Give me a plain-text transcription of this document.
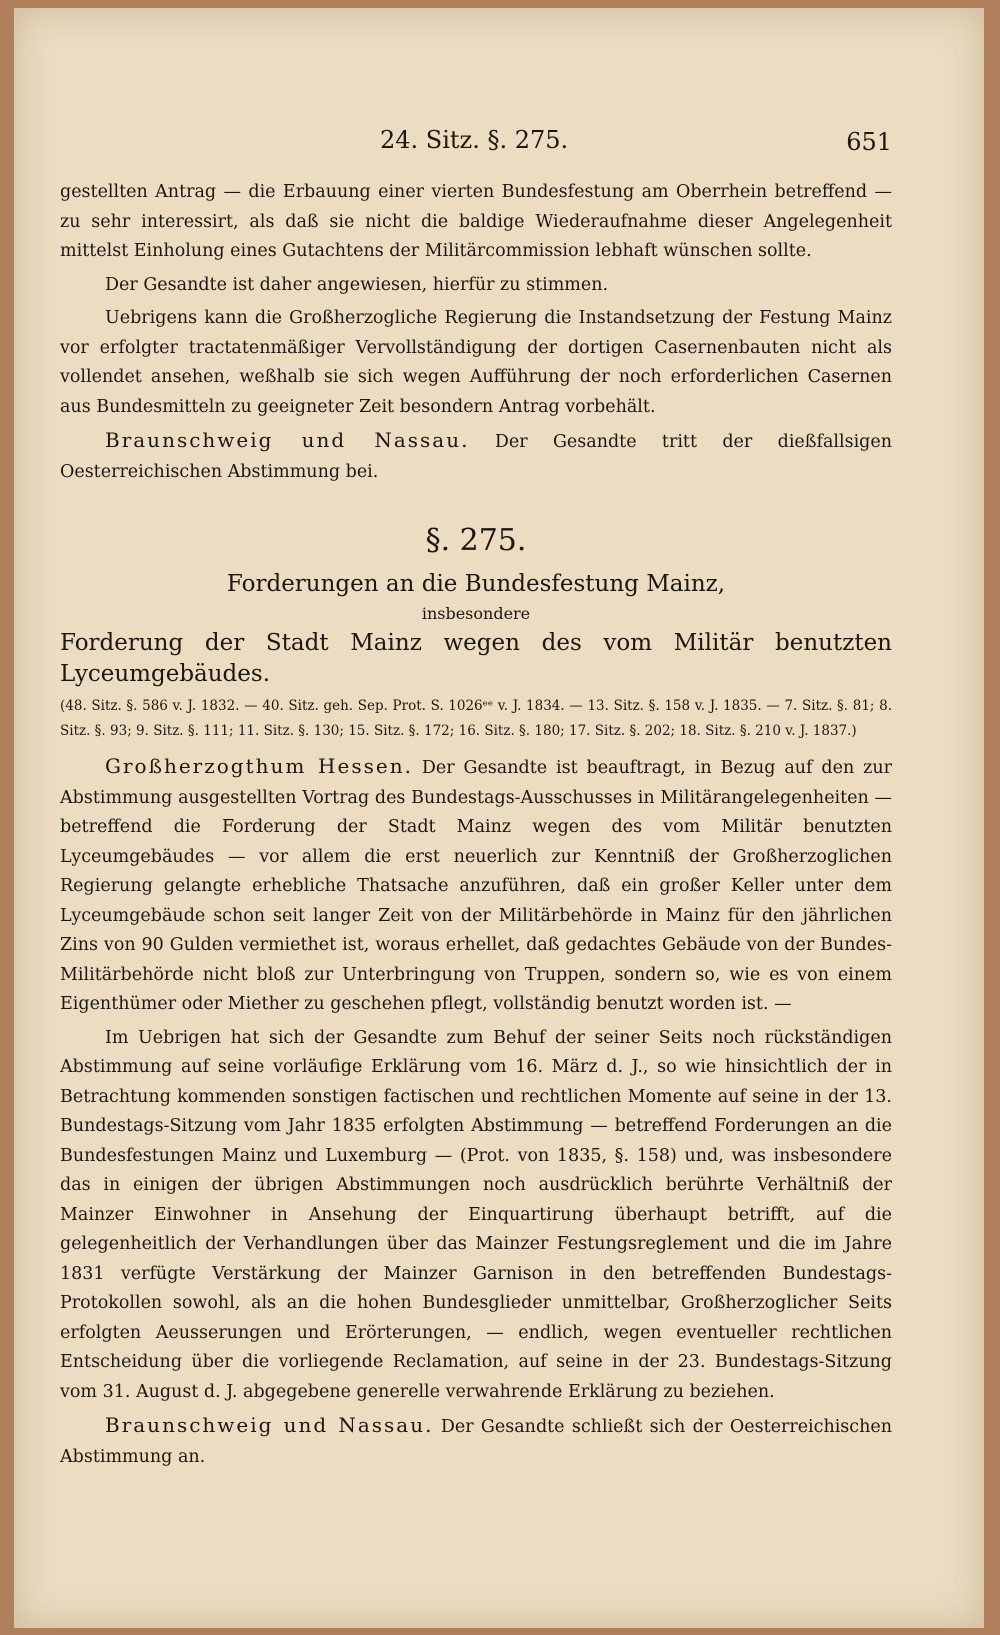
24. Sitz. §. 275.	651

gestellten Antrag — die Erbauung einer vierten Bundesfestung am Oberrhein betreffend — zu sehr interessirt, als daß sie nicht die baldige Wiederaufnahme dieser Angelegenheit mittelst Einholung eines Gutachtens der Militärcommission lebhaft wünschen sollte.

Der Gesandte ist daher angewiesen, hierfür zu stimmen.

Uebrigens kann die Großherzogliche Regierung die Instandsetzung der Festung Mainz vor erfolgter tractatenmäßiger Vervollständigung der dortigen Casernenbauten nicht als vollendet ansehen, weßhalb sie sich wegen Aufführung der noch erforderlichen Casernen aus Bundesmitteln zu geeigneter Zeit besondern Antrag vorbehält.

Braunschweig und Nassau. Der Gesandte tritt der dießfallsigen Oesterreichischen Abstimmung bei.

§. 275.
Forderungen an die Bundesfestung Mainz,
insbesondere
Forderung der Stadt Mainz wegen des vom Militär benutzten Lyceumgebäudes.
(48. Sitz. §. 586 v. J. 1832. — 40. Sitz. geh. Sep. Prot. S. 1026ᵉᵉ v. J. 1834. — 13. Sitz. §. 158 v. J. 1835. — 7. Sitz. §. 81; 8. Sitz. §. 93; 9. Sitz. §. 111; 11. Sitz. §. 130; 15. Sitz. §. 172; 16. Sitz. §. 180; 17. Sitz. §. 202; 18. Sitz. §. 210 v. J. 1837.)

Großherzogthum Hessen. Der Gesandte ist beauftragt, in Bezug auf den zur Abstimmung ausgestellten Vortrag des Bundestags-Ausschusses in Militärangelegenheiten — betreffend die Forderung der Stadt Mainz wegen des vom Militär benutzten Lyceumgebäudes — vor allem die erst neuerlich zur Kenntniß der Großherzoglichen Regierung gelangte erhebliche Thatsache anzuführen, daß ein großer Keller unter dem Lyceumgebäude schon seit langer Zeit von der Militärbehörde in Mainz für den jährlichen Zins von 90 Gulden vermiethet ist, woraus erhellet, daß gedachtes Gebäude von der Bundes-Militärbehörde nicht bloß zur Unterbringung von Truppen, sondern so, wie es von einem Eigenthümer oder Miether zu geschehen pflegt, vollständig benutzt worden ist. —

Im Uebrigen hat sich der Gesandte zum Behuf der seiner Seits noch rückständigen Abstimmung auf seine vorläufige Erklärung vom 16. März d. J., so wie hinsichtlich der in Betrachtung kommenden sonstigen factischen und rechtlichen Momente auf seine in der 13. Bundestags-Sitzung vom Jahr 1835 erfolgten Abstimmung — betreffend Forderungen an die Bundesfestungen Mainz und Luxemburg — (Prot. von 1835, §. 158) und, was insbesondere das in einigen der übrigen Abstimmungen noch ausdrücklich berührte Verhältniß der Mainzer Einwohner in Ansehung der Einquartirung überhaupt betrifft, auf die gelegenheitlich der Verhandlungen über das Mainzer Festungsreglement und die im Jahre 1831 verfügte Verstärkung der Mainzer Garnison in den betreffenden Bundestags-Protokollen sowohl, als an die hohen Bundesglieder unmittelbar, Großherzoglicher Seits erfolgten Aeusserungen und Erörterungen, — endlich, wegen eventueller rechtlichen Entscheidung über die vorliegende Reclamation, auf seine in der 23. Bundestags-Sitzung vom 31. August d. J. abgegebene generelle verwahrende Erklärung zu beziehen.

Braunschweig und Nassau. Der Gesandte schließt sich der Oesterreichischen Abstimmung an.
